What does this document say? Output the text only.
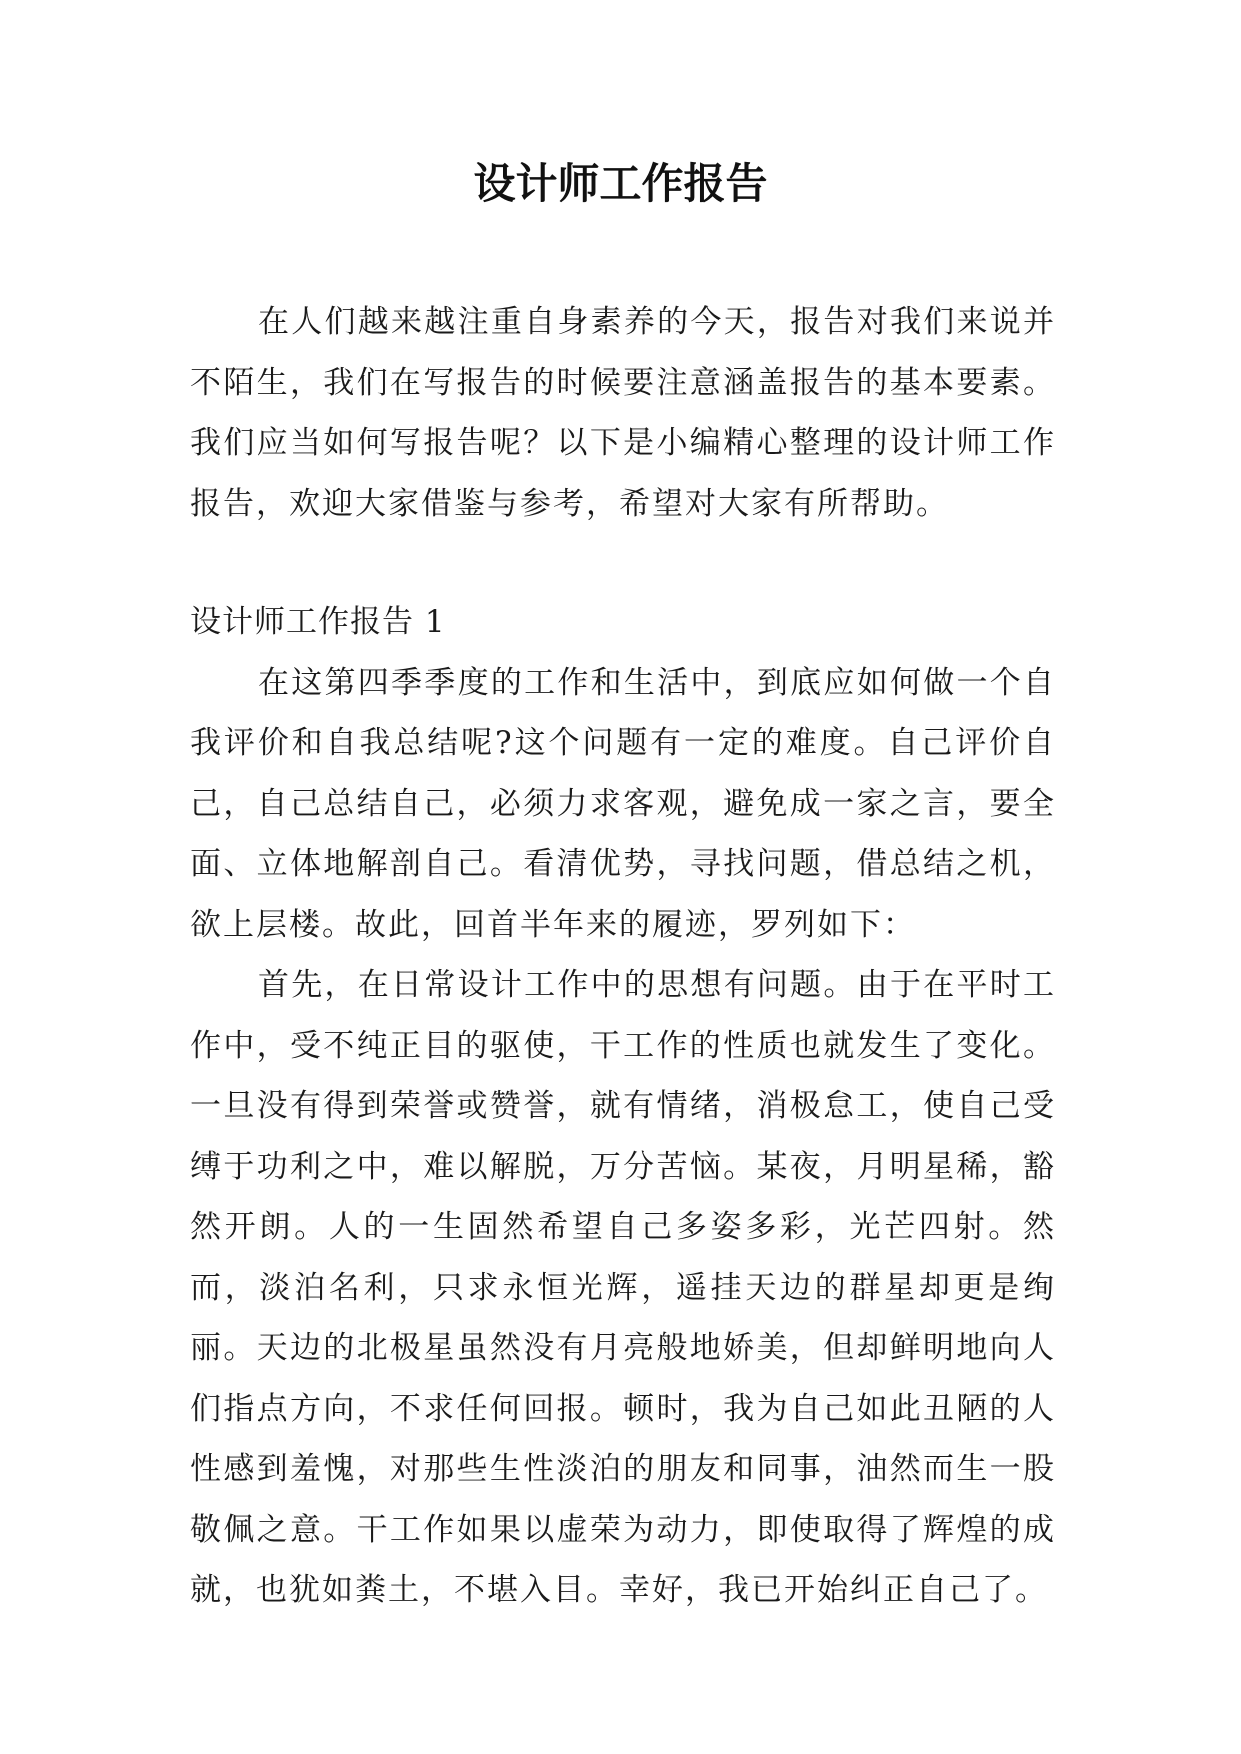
设计师工作报告

在人们越来越注重自身素养的今天，报告对我们来说并不陌生，我们在写报告的时候要注意涵盖报告的基本要素。我们应当如何写报告呢？以下是小编精心整理的设计师工作报告，欢迎大家借鉴与参考，希望对大家有所帮助。

设计师工作报告 1

在这第四季季度的工作和生活中，到底应如何做一个自我评价和自我总结呢?这个问题有一定的难度。自己评价自己，自己总结自己，必须力求客观，避免成一家之言，要全面、立体地解剖自己。看清优势，寻找问题，借总结之机，欲上层楼。故此，回首半年来的履迹，罗列如下：

首先，在日常设计工作中的思想有问题。由于在平时工作中，受不纯正目的驱使，干工作的性质也就发生了变化。一旦没有得到荣誉或赞誉，就有情绪，消极怠工，使自己受缚于功利之中，难以解脱，万分苦恼。某夜，月明星稀，豁然开朗。人的一生固然希望自己多姿多彩，光芒四射。然而，淡泊名利，只求永恒光辉，遥挂天边的群星却更是绚丽。天边的北极星虽然没有月亮般地娇美，但却鲜明地向人们指点方向，不求任何回报。顿时，我为自己如此丑陋的人性感到羞愧，对那些生性淡泊的朋友和同事，油然而生一股敬佩之意。干工作如果以虚荣为动力，即使取得了辉煌的成就，也犹如粪土，不堪入目。幸好，我已开始纠正自己了。
